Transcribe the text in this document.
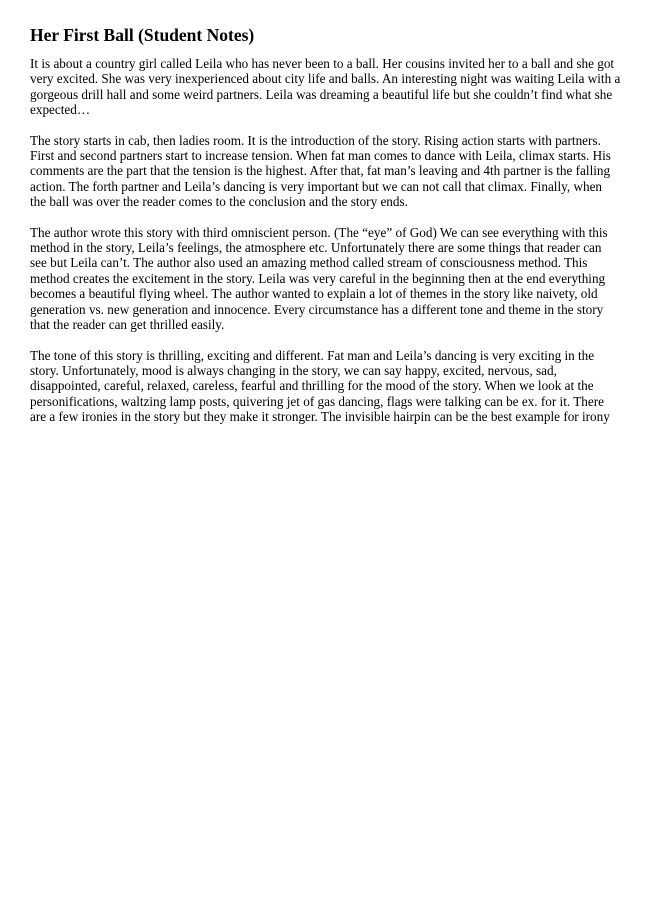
Her First Ball (Student Notes)

It is about a country girl called Leila who has never been to a ball. Her cousins invited her to a ball and she got very excited. She was very inexperienced about city life and balls. An interesting night was waiting Leila with a gorgeous drill hall and some weird partners. Leila was dreaming a beautiful life but she couldn’t find what she expected…

The story starts in cab, then ladies room. It is the introduction of the story. Rising action starts with partners. First and second partners start to increase tension. When fat man comes to dance with Leila, climax starts. His comments are the part that the tension is the highest. After that, fat man’s leaving and 4th partner is the falling action. The forth partner and Leila’s dancing is very important but we can not call that climax. Finally, when the ball was over the reader comes to the conclusion and the story ends.

The author wrote this story with third omniscient person. (The “eye” of God) We can see everything with this method in the story, Leila’s feelings, the atmosphere etc. Unfortunately there are some things that reader can see but Leila can’t. The author also used an amazing method called stream of consciousness method. This method creates the excitement in the story. Leila was very careful in the beginning then at the end everything becomes a beautiful flying wheel. The author wanted to explain a lot of themes in the story like naivety, old generation vs. new generation and innocence. Every circumstance has a different tone and theme in the story that the reader can get thrilled easily.

The tone of this story is thrilling, exciting and different. Fat man and Leila’s dancing is very exciting in the story. Unfortunately, mood is always changing in the story, we can say happy, excited, nervous, sad, disappointed, careful, relaxed, careless, fearful and thrilling for the mood of the story. When we look at the personifications, waltzing lamp posts, quivering jet of gas dancing, flags were talking can be ex. for it. There are a few ironies in the story but they make it stronger. The invisible hairpin can be the best example for irony
